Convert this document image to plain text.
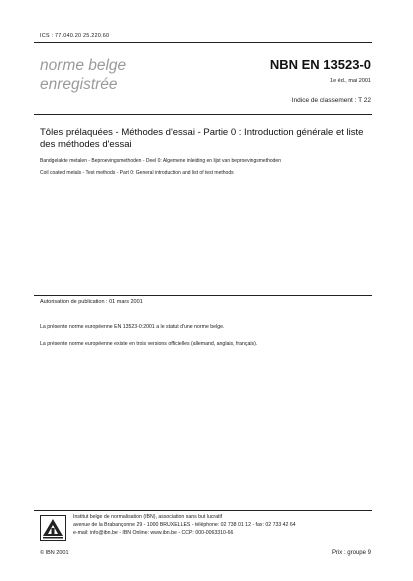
ICS : 77.040.20 25.220.60
norme belge
enregistrée
NBN EN 13523-0
1e éd., mai 2001
Indice de classement : T 22
Tôles prélaquées - Méthodes d'essai - Partie 0 : Introduction générale et liste des méthodes d'essai
Bandgelakte metalen - Beproevingsmethoden - Deel 0: Algemene inleiding en lijst van beproevingsmethoden
Coil coated metals - Test methods - Part 0: General introduction and list of test methods
Autorisation de publication : 01 mars 2001
La présente norme européenne EN 13523-0:2001 a le statut d'une norme belge.
La présente norme européenne existe en trois versions officielles (allemand, anglais, français).
Institut belge de normalisation (IBN), association sans but lucratif
avenue de la Brabançonne 29 - 1000 BRUXELLES - téléphone: 02 738 01 12 - fax: 02 733 42 64
e-mail: info@ibn.be - IBN Online: www.ibn.be - CCP: 000-0063310-66
© IBN 2001	Prix : groupe 9
